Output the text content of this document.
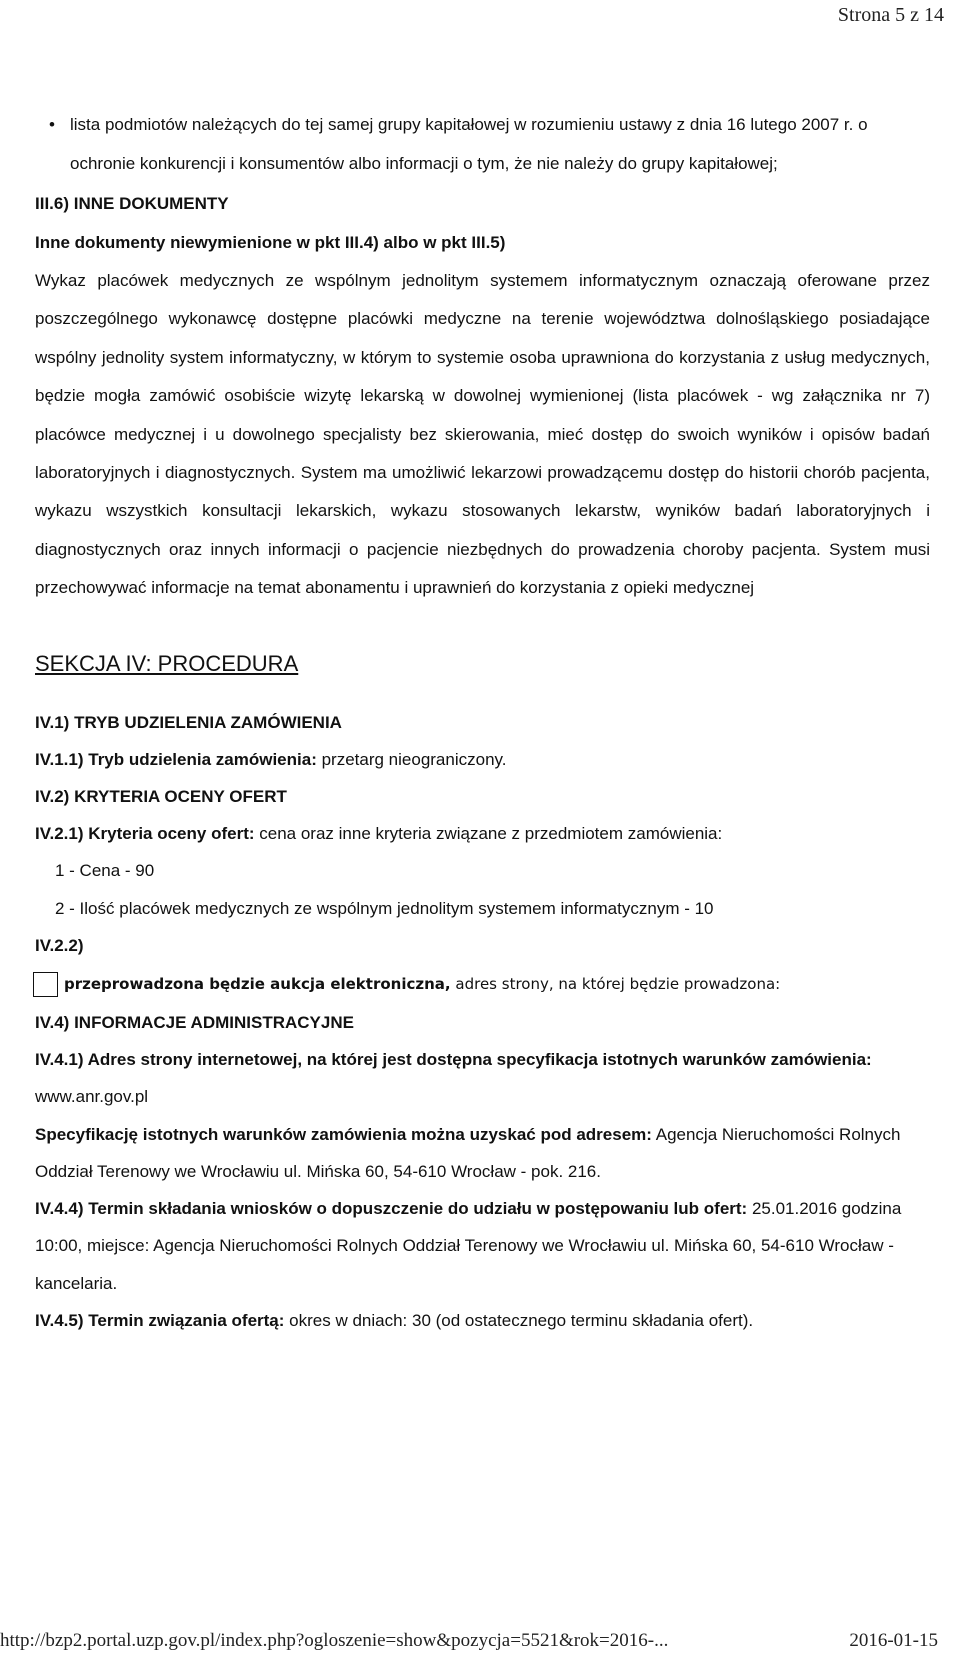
Strona 5 z 14
• lista podmiotów należących do tej samej grupy kapitałowej w rozumieniu ustawy z dnia 16 lutego 2007 r. o ochronie konkurencji i konsumentów albo informacji o tym, że nie należy do grupy kapitałowej;
III.6) INNE DOKUMENTY
Inne dokumenty niewymienione w pkt III.4) albo w pkt III.5)
Wykaz placówek medycznych ze wspólnym jednolitym systemem informatycznym oznaczają oferowane przez poszczególnego wykonawcę dostępne placówki medyczne na terenie województwa dolnośląskiego posiadające wspólny jednolity system informatyczny, w którym to systemie osoba uprawniona do korzystania z usług medycznych, będzie mogła zamówić osobiście wizytę lekarską w dowolnej wymienionej (lista placówek - wg załącznika nr 7) placówce medycznej i u dowolnego specjalisty bez skierowania, mieć dostęp do swoich wyników i opisów badań laboratoryjnych i diagnostycznych. System ma umożliwić lekarzowi prowadzącemu dostęp do historii chorób pacjenta, wykazu wszystkich konsultacji lekarskich, wykazu stosowanych lekarstw, wyników badań laboratoryjnych i diagnostycznych oraz innych informacji o pacjencie niezbędnych do prowadzenia choroby pacjenta. System musi przechowywać informacje na temat abonamentu i uprawnień do korzystania z opieki medycznej
SEKCJA IV: PROCEDURA
IV.1) TRYB UDZIELENIA ZAMÓWIENIA
IV.1.1) Tryb udzielenia zamówienia: przetarg nieograniczony.
IV.2) KRYTERIA OCENY OFERT
IV.2.1) Kryteria oceny ofert: cena oraz inne kryteria związane z przedmiotem zamówienia:
1 - Cena - 90
2 - Ilość placówek medycznych ze wspólnym jednolitym systemem informatycznym - 10
IV.2.2)
przeprowadzona będzie aukcja elektroniczna, adres strony, na której będzie prowadzona:
IV.4) INFORMACJE ADMINISTRACYJNE
IV.4.1) Adres strony internetowej, na której jest dostępna specyfikacja istotnych warunków zamówienia: www.anr.gov.pl
Specyfikację istotnych warunków zamówienia można uzyskać pod adresem: Agencja Nieruchomości Rolnych Oddział Terenowy we Wrocławiu ul. Mińska 60, 54-610 Wrocław - pok. 216.
IV.4.4) Termin składania wniosków o dopuszczenie do udziału w postępowaniu lub ofert: 25.01.2016 godzina 10:00, miejsce: Agencja Nieruchomości Rolnych Oddział Terenowy we Wrocławiu ul. Mińska 60, 54-610 Wrocław - kancelaria.
IV.4.5) Termin związania ofertą: okres w dniach: 30 (od ostatecznego terminu składania ofert).
http://bzp2.portal.uzp.gov.pl/index.php?ogloszenie=show&pozycja=5521&rok=2016-...	2016-01-15
